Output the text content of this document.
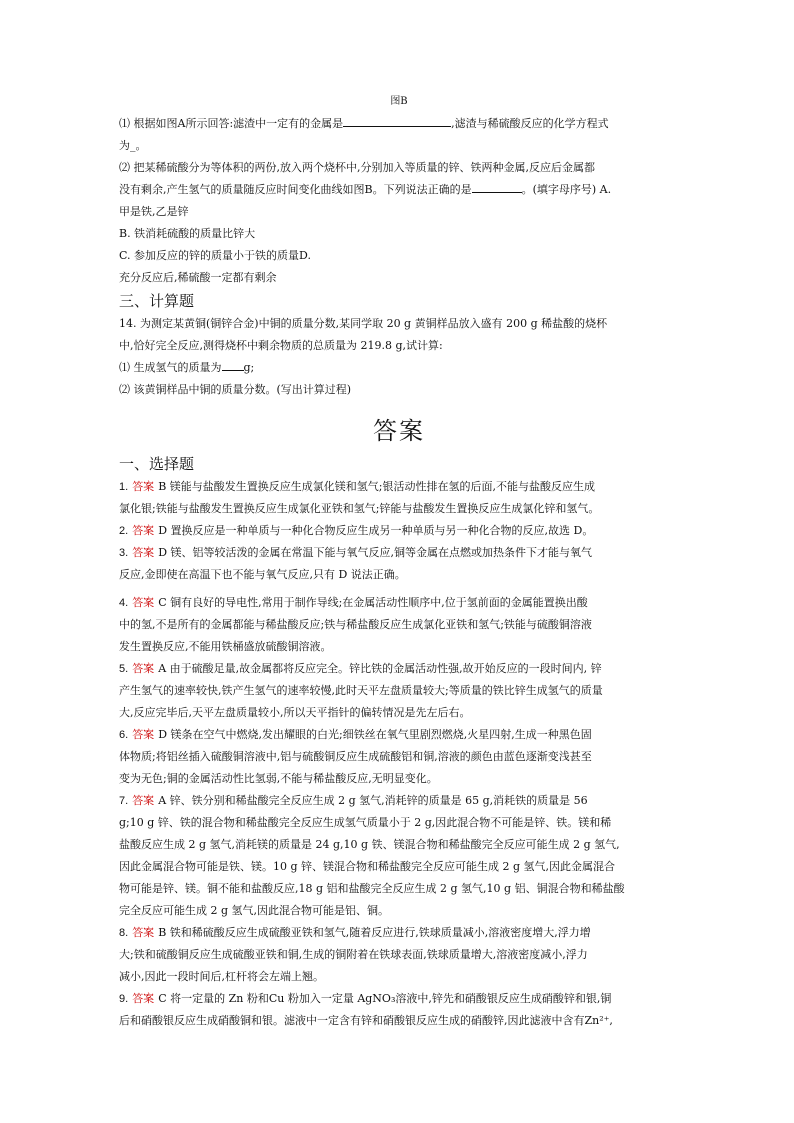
图B

⑴ 根据如图A所示回答:滤渣中一定有的金属是	,滤渣与稀硫酸反应的化学方程式

为_。

⑵ 把某稀硫酸分为等体积的两份,放入两个烧杯中,分别加入等质量的锌、铁两种金属,反应后金属都

没有剩余,产生氢气的质量随反应时间变化曲线如图B。下列说法正确的是	。(填字母序号) A.

甲是铁,乙是锌

B. 铁消耗硫酸的质量比锌大

C. 参加反应的锌的质量小于铁的质量D.

充分反应后,稀硫酸一定都有剩余

三、计算题

14. 为测定某黄铜(铜锌合金)中铜的质量分数,某同学取 20 g 黄铜样品放入盛有 200 g 稀盐酸的烧杯

中,恰好完全反应,测得烧杯中剩余物质的总质量为 219.8 g,试计算:

⑴ 生成氢气的质量为 g;

⑵ 该黄铜样品中铜的质量分数。(写出计算过程)

答案
一、选择题

1. 答案 B 镁能与盐酸发生置换反应生成氯化镁和氢气;银活动性排在氢的后面,不能与盐酸反应生成

氯化银;铁能与盐酸发生置换反应生成氯化亚铁和氢气;锌能与盐酸发生置换反应生成氯化锌和氢气。

2. 答案 D 置换反应是一种单质与一种化合物反应生成另一种单质与另一种化合物的反应,故选 D。

3. 答案 D 镁、铝等较活泼的金属在常温下能与氧气反应,铜等金属在点燃或加热条件下才能与氧气

反应,金即使在高温下也不能与氧气反应,只有 D 说法正确。

4. 答案 C 铜有良好的导电性,常用于制作导线;在金属活动性顺序中,位于氢前面的金属能置换出酸

中的氢,不是所有的金属都能与稀盐酸反应;铁与稀盐酸反应生成氯化亚铁和氢气;铁能与硫酸铜溶液

发生置换反应,不能用铁桶盛放硫酸铜溶液。

5. 答案 A 由于硫酸足量,故金属都将反应完全。锌比铁的金属活动性强,故开始反应的一段时间内, 锌

产生氢气的速率较快,铁产生氢气的速率较慢,此时天平左盘质量较大;等质量的铁比锌生成氢气的质量

大,反应完毕后,天平左盘质量较小,所以天平指针的偏转情况是先左后右。

6. 答案 D 镁条在空气中燃烧,发出耀眼的白光;细铁丝在氧气里剧烈燃烧,火星四射,生成一种黑色固

体物质;将铝丝插入硫酸铜溶液中,铝与硫酸铜反应生成硫酸铝和铜,溶液的颜色由蓝色逐渐变浅甚至

变为无色;铜的金属活动性比氢弱,不能与稀盐酸反应,无明显变化。

7. 答案 A 锌、铁分别和稀盐酸完全反应生成 2 g 氢气,消耗锌的质量是 65 g,消耗铁的质量是 56

g;10 g 锌、铁的混合物和稀盐酸完全反应生成氢气质量小于 2 g,因此混合物不可能是锌、铁。镁和稀

盐酸反应生成 2 g 氢气,消耗镁的质量是 24 g,10 g 铁、镁混合物和稀盐酸完全反应可能生成 2 g 氢气,

因此金属混合物可能是铁、镁。10 g 锌、镁混合物和稀盐酸完全反应可能生成 2 g 氢气,因此金属混合

物可能是锌、镁。铜不能和盐酸反应,18 g 铝和盐酸完全反应生成 2 g 氢气,10 g 铝、铜混合物和稀盐酸

完全反应可能生成 2 g 氢气,因此混合物可能是铝、铜。

8. 答案 B 铁和稀硫酸反应生成硫酸亚铁和氢气,随着反应进行,铁球质量减小,溶液密度增大,浮力增

大;铁和硫酸铜反应生成硫酸亚铁和铜,生成的铜附着在铁球表面,铁球质量增大,溶液密度减小,浮力

减小,因此一段时间后,杠杆将会左端上翘。

9. 答案 C 将一定量的 Zn 粉和Cu 粉加入一定量 AgNO₃溶液中,锌先和硝酸银反应生成硝酸锌和银,铜

后和硝酸银反应生成硝酸铜和银。滤液中一定含有锌和硝酸银反应生成的硝酸锌,因此滤液中含有Zn²⁺,
